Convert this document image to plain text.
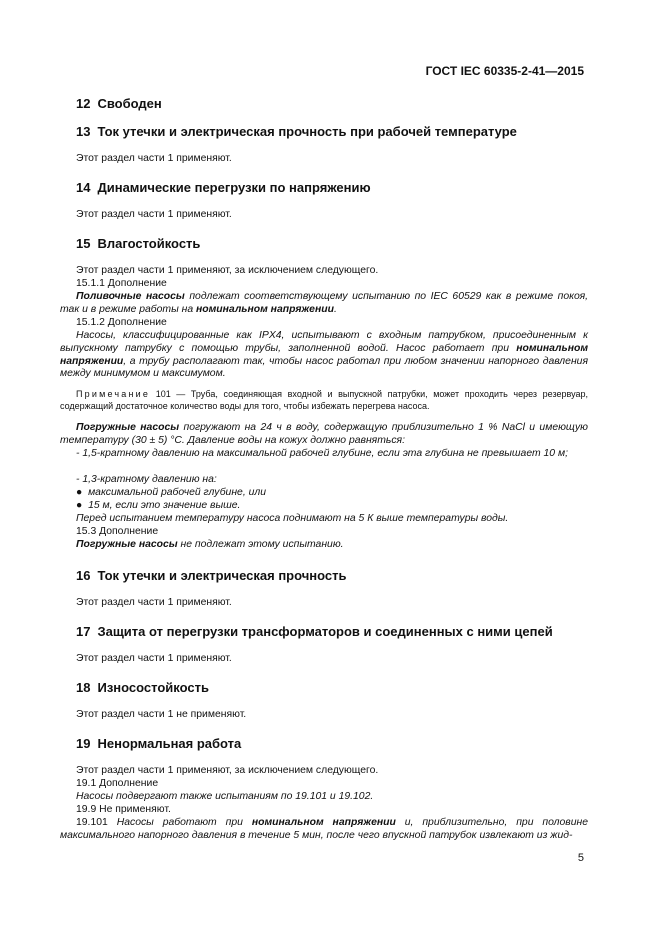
ГОСТ IEC 60335-2-41—2015
12 Свободен
13 Ток утечки и электрическая прочность при рабочей температуре
Этот раздел части 1 применяют.
14 Динамические перегрузки по напряжению
Этот раздел части 1 применяют.
15 Влагостойкость
Этот раздел части 1 применяют, за исключением следующего.
15.1.1 Дополнение
Поливочные насосы подлежат соответствующему испытанию по IEC 60529 как в режиме покоя, так и в режиме работы на номинальном напряжении.
15.1.2 Дополнение
Насосы, классифицированные как IPX4, испытывают с входным патрубком, присоединенным к выпускному патрубку с помощью трубы, заполненной водой. Насос работает при номинальном напряжении, а трубу располагают так, чтобы насос работал при любом значении напорного давления между минимумом и максимумом.
Примечание 101 — Труба, соединяющая входной и выпускной патрубки, может проходить через резервуар, содержащий достаточное количество воды для того, чтобы избежать перегрева насоса.
Погружные насосы погружают на 24 ч в воду, содержащую приблизительно 1 % NaCl и имеющую температуру (30 ± 5) °С. Давление воды на кожух должно равняться:
- 1,5-кратному давлению на максимальной рабочей глубине, если эта глубина не превышает 10 м;
- 1,3-кратному давлению на:
●  максимальной рабочей глубине, или
●  15 м, если это значение выше.
Перед испытанием температуру насоса поднимают на 5 К выше температуры воды.
15.3 Дополнение
Погружные насосы не подлежат этому испытанию.
16 Ток утечки и электрическая прочность
Этот раздел части 1 применяют.
17 Защита от перегрузки трансформаторов и соединенных с ними цепей
Этот раздел части 1 применяют.
18 Износостойкость
Этот раздел части 1 не применяют.
19 Ненормальная работа
Этот раздел части 1 применяют, за исключением следующего.
19.1 Дополнение
Насосы подвергают также испытаниям по 19.101 и 19.102.
19.9 Не применяют.
19.101 Насосы работают при номинальном напряжении и, приблизительно, при половине максимального напорного давления в течение 5 мин, после чего впускной патрубок извлекают из жид-
5
